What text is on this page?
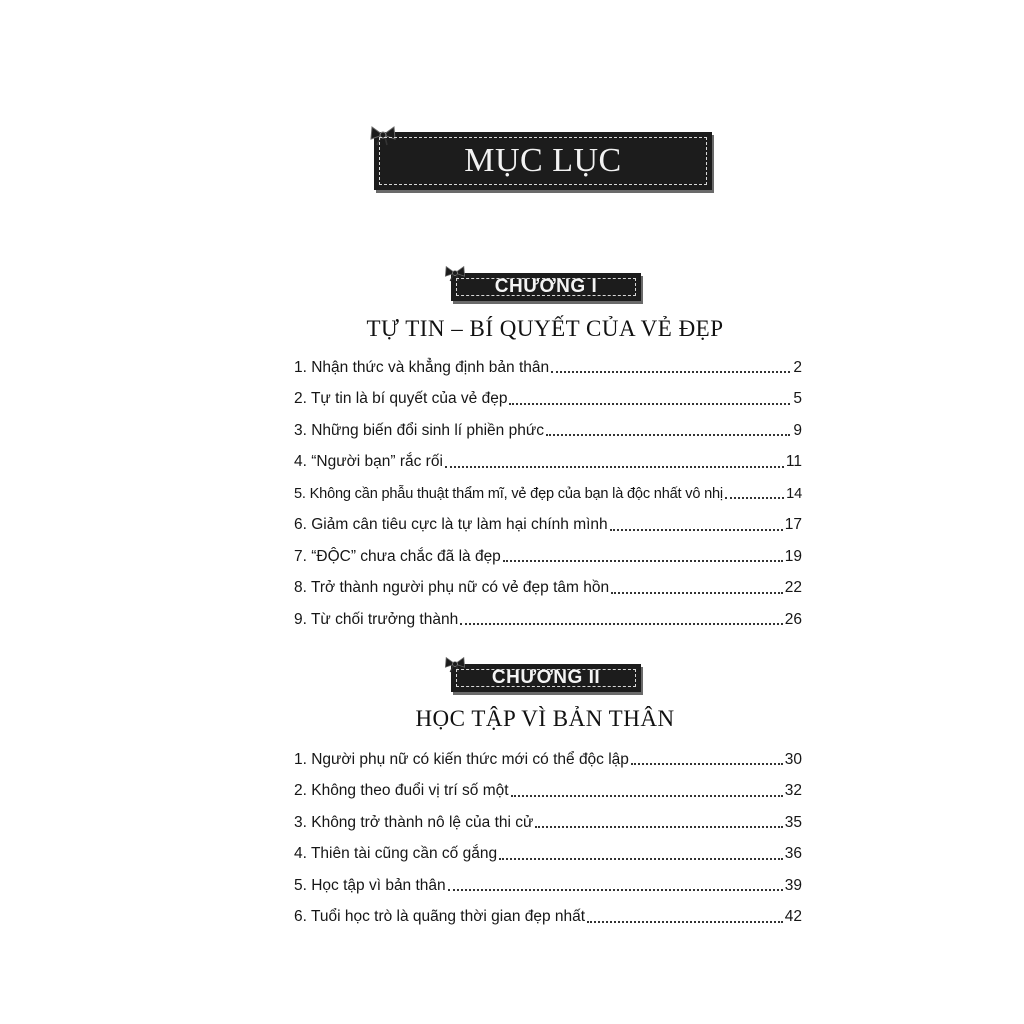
MỤC LỤC
CHƯƠNG I
TỰ TIN – BÍ QUYẾT CỦA VẺ ĐẸP
1. Nhận thức và khẳng định bản thân	2
2. Tự tin là bí quyết của vẻ đẹp	5
3. Những biến đổi sinh lí phiền phức	9
4. “Người bạn” rắc rối	11
5. Không cần phẫu thuật thẩm mĩ, vẻ đẹp của bạn là độc nhất vô nhị	14
6. Giảm cân tiêu cực là tự làm hại chính mình	17
7. “ĐỘC” chưa chắc đã là đẹp	19
8. Trở thành người phụ nữ có vẻ đẹp tâm hồn	22
9. Từ chối trưởng thành	26
CHƯƠNG II
HỌC TẬP VÌ BẢN THÂN
1. Người phụ nữ có kiến thức mới có thể độc lập	30
2. Không theo đuổi vị trí số một	32
3. Không trở thành nô lệ của thi cử	35
4. Thiên tài cũng cần cố gắng	36
5. Học tập vì bản thân	39
6. Tuổi học trò là quãng thời gian đẹp nhất	42
